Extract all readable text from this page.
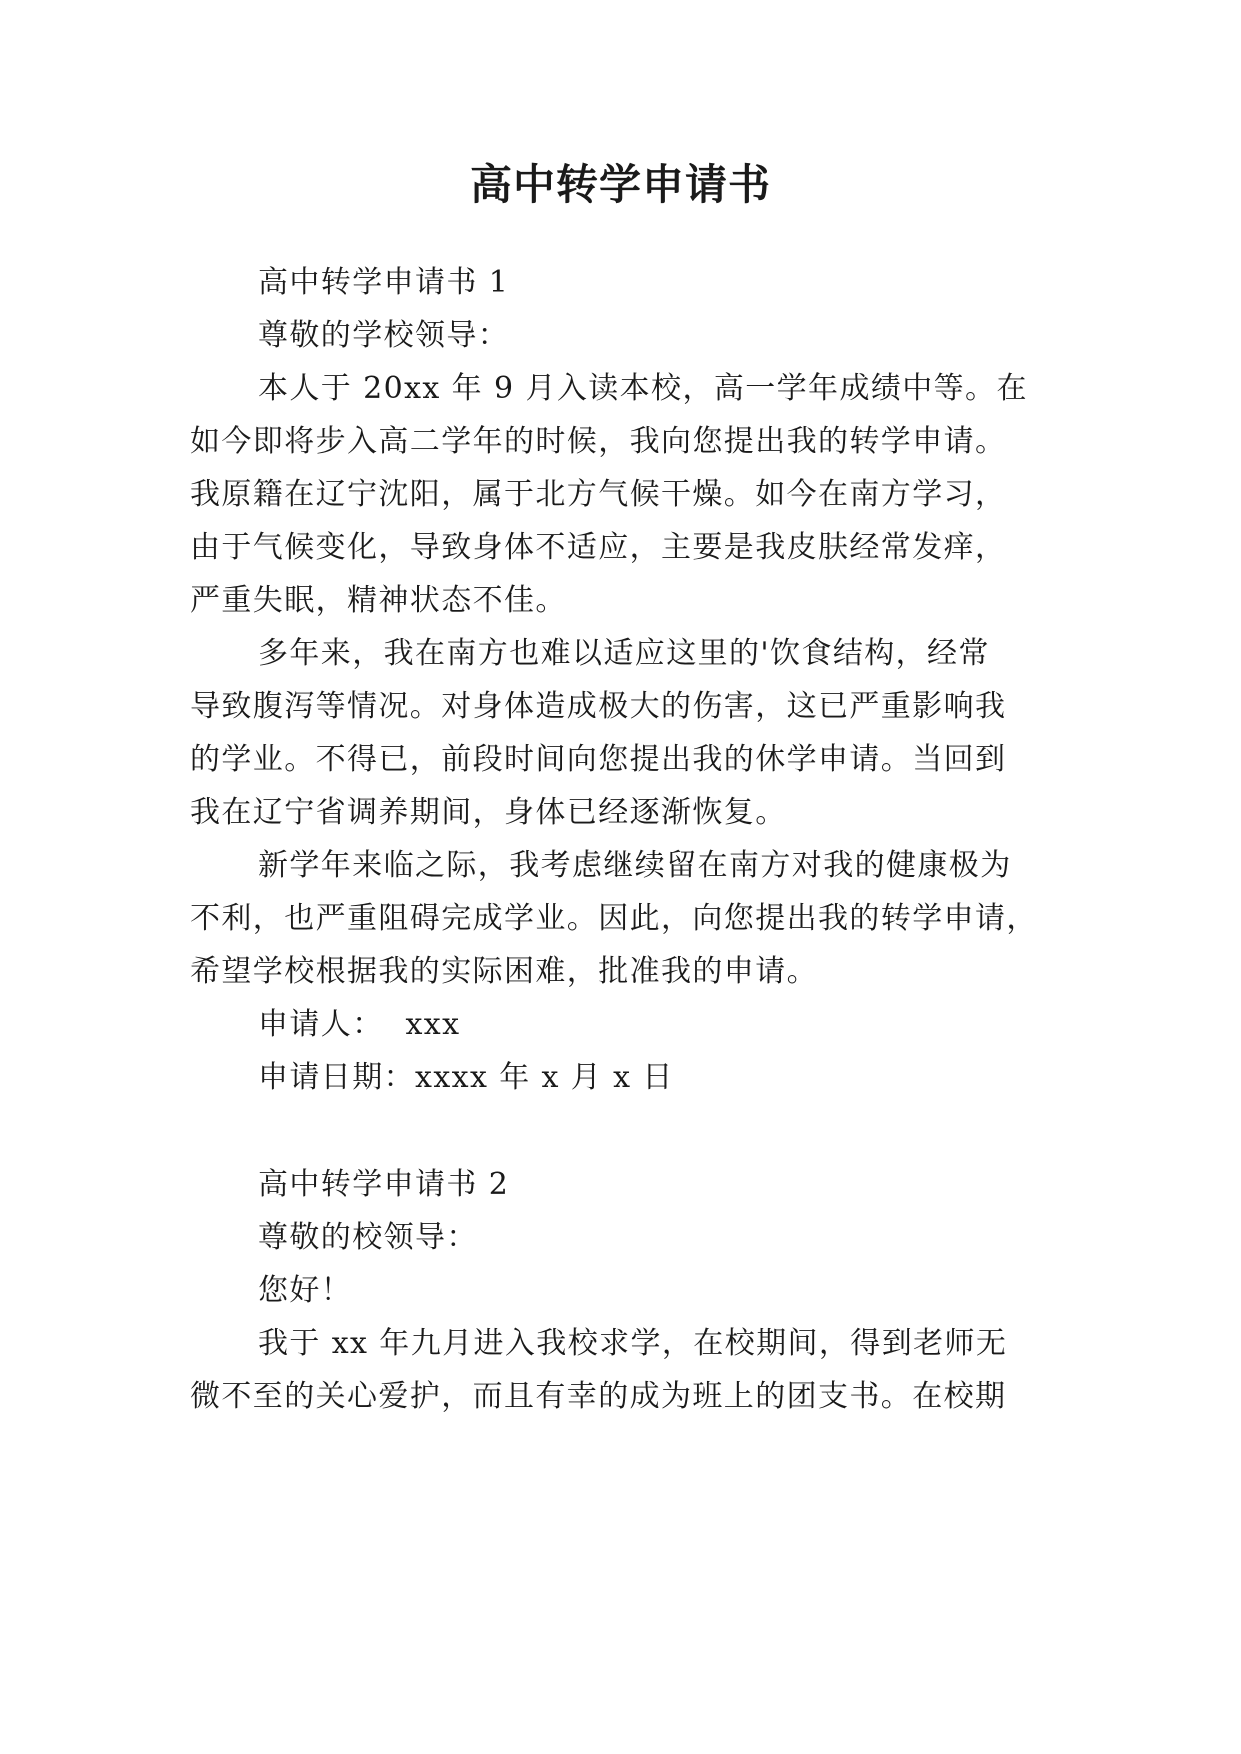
高中转学申请书

高中转学申请书 1

尊敬的学校领导：

本人于 20xx 年 9 月入读本校，高一学年成绩中等。在

如今即将步入高二学年的时候，我向您提出我的转学申请。

我原籍在辽宁沈阳，属于北方气候干燥。如今在南方学习，

由于气候变化，导致身体不适应，主要是我皮肤经常发痒，

严重失眠，精神状态不佳。

多年来，我在南方也难以适应这里的'饮食结构，经常

导致腹泻等情况。对身体造成极大的伤害，这已严重影响我

的学业。不得已，前段时间向您提出我的休学申请。当回到

我在辽宁省调养期间，身体已经逐渐恢复。

新学年来临之际，我考虑继续留在南方对我的健康极为

不利，也严重阻碍完成学业。因此，向您提出我的转学申请，

希望学校根据我的实际困难，批准我的申请。

申请人：  xxx

申请日期：xxxx 年 x 月 x 日

高中转学申请书 2

尊敬的校领导：

您好！

我于 xx 年九月进入我校求学，在校期间，得到老师无

微不至的关心爱护，而且有幸的成为班上的团支书。在校期
